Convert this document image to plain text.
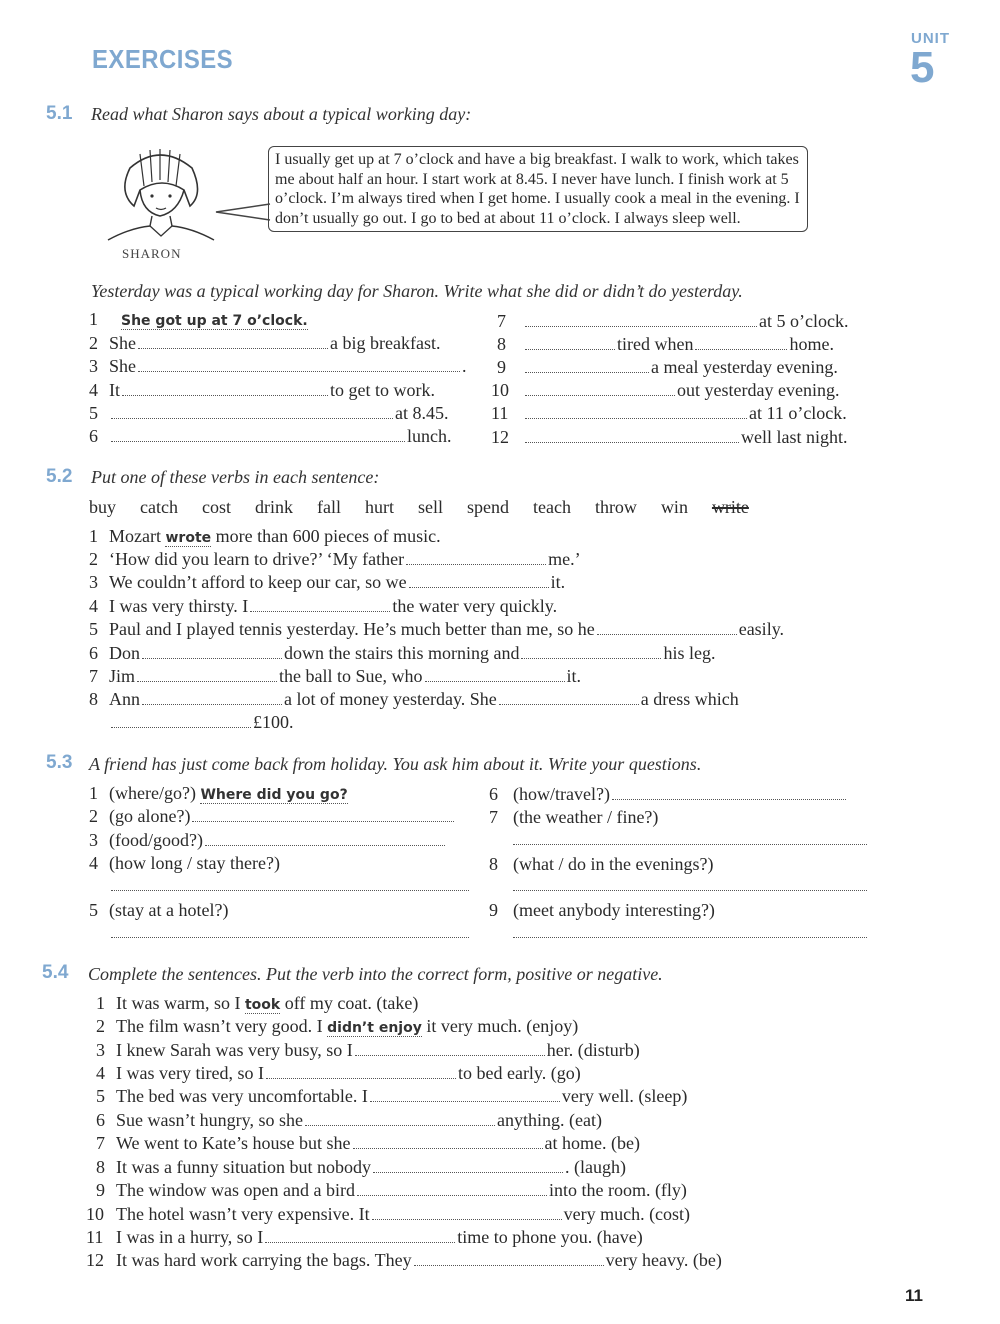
EXERCISES
UNIT
5
5.1 Read what Sharon says about a typical working day:
SHARON
I usually get up at 7 o’clock and have a big breakfast. I walk to work, which takes me about half an hour. I start work at 8.45. I never have lunch. I finish work at 5 o’clock. I’m always tired when I get home. I usually cook a meal in the evening. I don’t usually go out. I go to bed at about 11 o’clock. I always sleep well.
Yesterday was a typical working day for Sharon. Write what she did or didn’t do yesterday.
1 She got up at 7 o’clock.
2 She	a big breakfast.
3 She	.
4 It	to get to work.
5	at 8.45.
6	lunch.
7	at 5 o’clock.
8	tired when	home.
9	a meal yesterday evening.
10	out yesterday evening.
11	at 11 o’clock.
12	well last night.
5.2 Put one of these verbs in each sentence:
buy catch cost drink fall hurt sell spend teach throw win write
1 Mozart wrote more than 600 pieces of music.
2 ‘How did you learn to drive?’ ‘My father	me.’
3 We couldn’t afford to keep our car, so we	it.
4 I was very thirsty. I	the water very quickly.
5 Paul and I played tennis yesterday. He’s much better than me, so he	easily.
6 Don	down the stairs this morning and	his leg.
7 Jim	the ball to Sue, who	it.
8 Ann	a lot of money yesterday. She	a dress which
£100.
5.3 A friend has just come back from holiday. You ask him about it. Write your questions.
1 (where/go?) Where did you go?
2 (go alone?)
3 (food/good?)
4 (how long / stay there?)
5 (stay at a hotel?)
6 (how/travel?)
7 (the weather / fine?)
8 (what / do in the evenings?)
9 (meet anybody interesting?)
5.4 Complete the sentences. Put the verb into the correct form, positive or negative.
1 It was warm, so I took off my coat. (take)
2 The film wasn’t very good. I didn’t enjoy it very much. (enjoy)
3 I knew Sarah was very busy, so I	her. (disturb)
4 I was very tired, so I	to bed early. (go)
5 The bed was very uncomfortable. I	very well. (sleep)
6 Sue wasn’t hungry, so she	anything. (eat)
7 We went to Kate’s house but she	at home. (be)
8 It was a funny situation but nobody	. (laugh)
9 The window was open and a bird	into the room. (fly)
10 The hotel wasn’t very expensive. It	very much. (cost)
11 I was in a hurry, so I	time to phone you. (have)
12 It was hard work carrying the bags. They	very heavy. (be)
11
